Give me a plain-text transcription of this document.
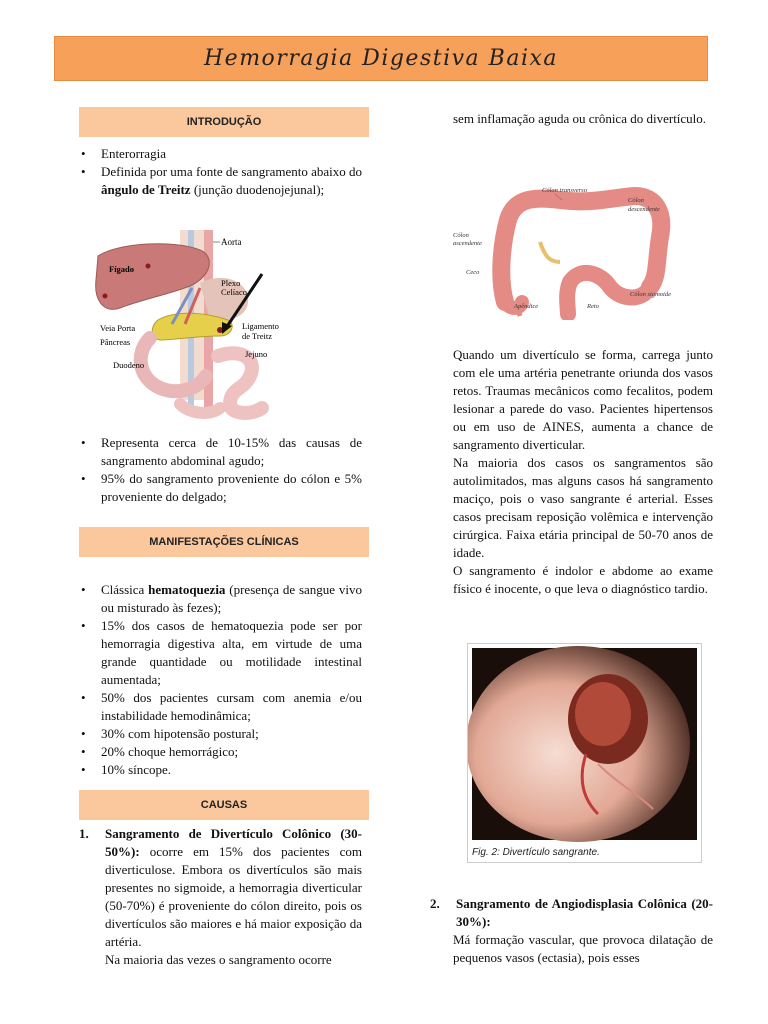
Hemorragia Digestiva Baixa
INTRODUÇÃO
• Enterorragia
• Definida por uma fonte de sangramento abaixo do ângulo de Treitz (junção duodenojejunal);
Aorta
Fígado
Plexo
Celíaco
Veia Porta
Pâncreas
Duodeno
Ligamento
de Treitz
Jejuno
• Representa cerca de 10-15% das causas de sangramento abdominal agudo;
• 95% do sangramento proveniente do cólon e 5% proveniente do delgado;
MANIFESTAÇÕES CLÍNICAS
• Clássica hematoquezia (presença de sangue vivo ou misturado às fezes);
• 15% dos casos de hematoquezia pode ser por hemorragia digestiva alta, em virtude de uma grande quantidade ou motilidade intestinal aumentada;
• 50% dos pacientes cursam com anemia e/ou instabilidade hemodinâmica;
• 30% com hipotensão postural;
• 20% choque hemorrágico;
• 10% síncope.
CAUSAS
1. Sangramento de Divertículo Colônico (30-50%): ocorre em 15% dos pacientes com diverticulose. Embora os divertículos são mais presentes no sigmoide, a hemorragia diverticular (50-70%) é proveniente do cólon direito, pois os divertículos são maiores e há maior exposição da artéria.

Na maioria das vezes o sangramento ocorre

sem inflamação aguda ou crônica do divertículo.

Cólon transverso
Cólon
descendente
Cólon
ascendente
Ceco
Cólon sigmoide
Apêndice	Reto

Quando um divertículo se forma, carrega junto com ele uma artéria penetrante oriunda dos vasos retos. Traumas mecânicos como fecalitos, podem lesionar a parede do vaso. Pacientes hipertensos ou em uso de AINES, aumenta a chance de sangramento diverticular.

Na maioria dos casos os sangramentos são autolimitados, mas alguns casos há sangramento maciço, pois o vaso sangrante é arterial. Esses casos precisam reposição volêmica e intervenção cirúrgica. Faixa etária principal de 50-70 anos de idade.

O sangramento é indolor e abdome ao exame físico é inocente, o que leva o diagnóstico tardio.

Fig. 2: Divertículo sangrante.
2. Sangramento de Angiodisplasia Colônica (20-30%):

Má formação vascular, que provoca dilatação de pequenos vasos (ectasia), pois esses
